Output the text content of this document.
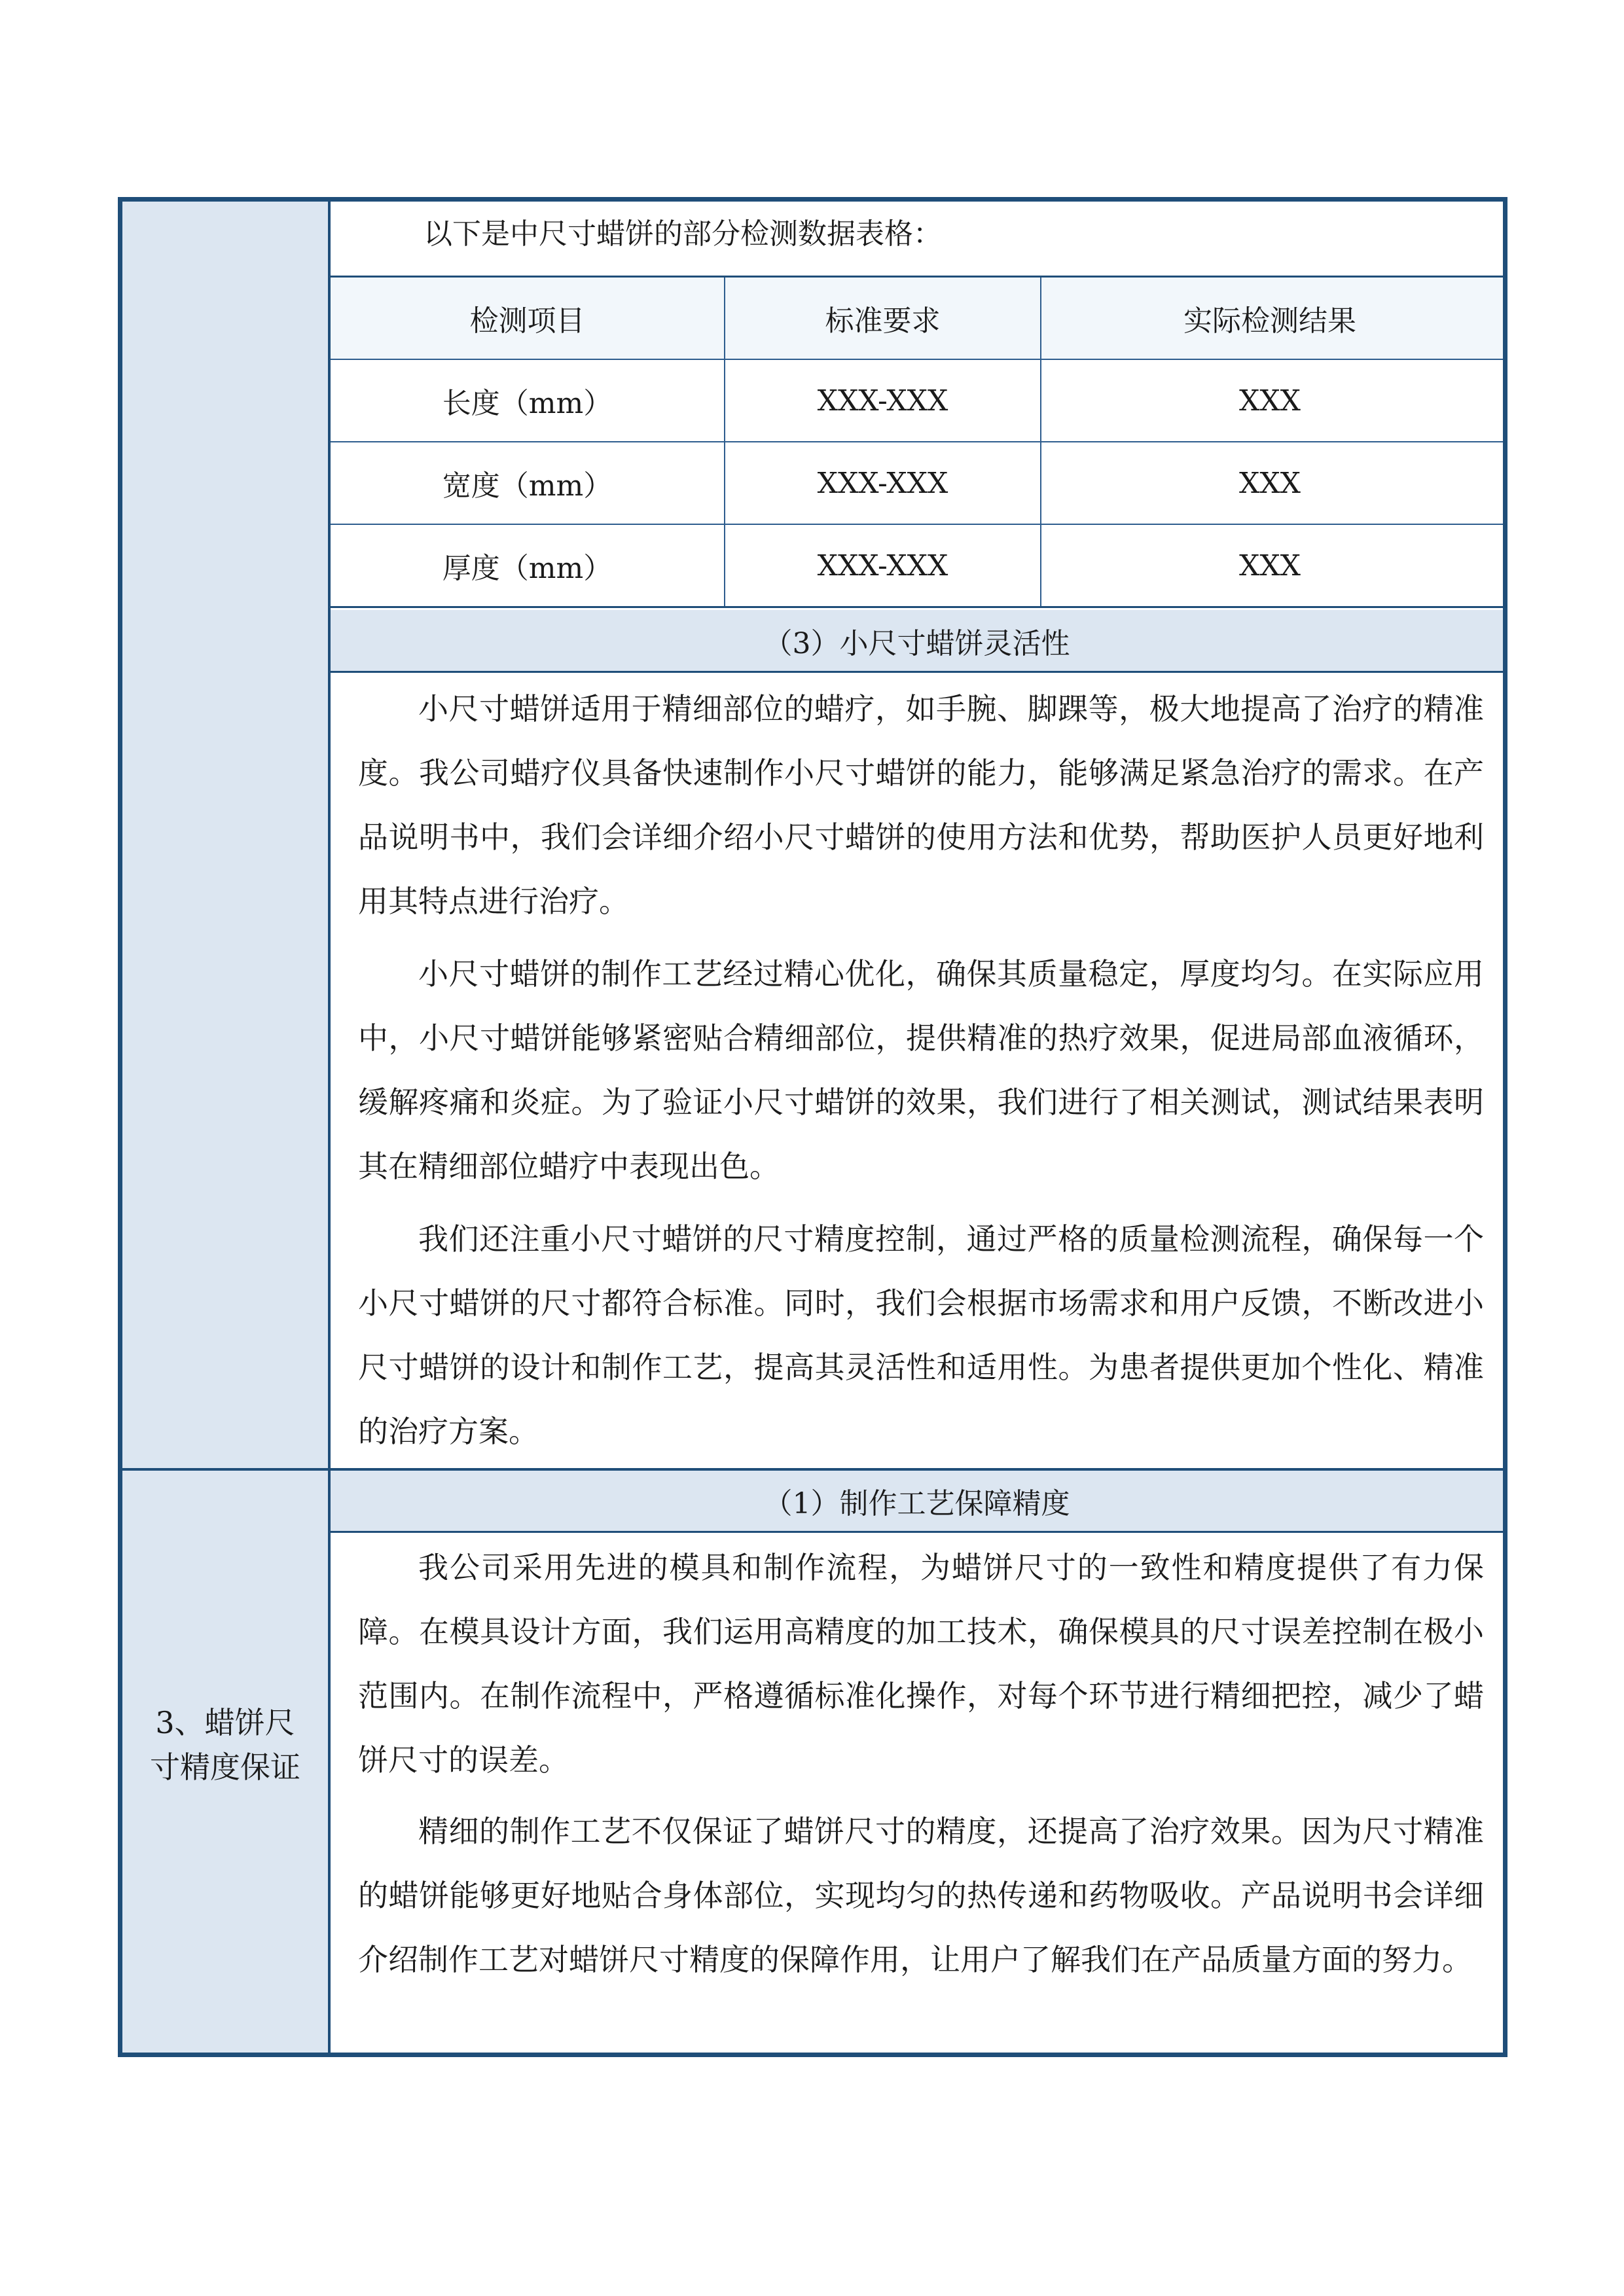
以下是中尺寸蜡饼的部分检测数据表格：
检测项目	标准要求	实际检测结果
长度（mm）	XXX-XXX	XXX
宽度（mm）	XXX-XXX	XXX
厚度（mm）	XXX-XXX	XXX
（3）小尺寸蜡饼灵活性
小尺寸蜡饼适用于精细部位的蜡疗，如手腕、脚踝等，极大地提高了治疗的精准度。我公司蜡疗仪具备快速制作小尺寸蜡饼的能力，能够满足紧急治疗的需求。在产品说明书中，我们会详细介绍小尺寸蜡饼的使用方法和优势，帮助医护人员更好地利用其特点进行治疗。
小尺寸蜡饼的制作工艺经过精心优化，确保其质量稳定，厚度均匀。在实际应用中，小尺寸蜡饼能够紧密贴合精细部位，提供精准的热疗效果，促进局部血液循环，缓解疼痛和炎症。为了验证小尺寸蜡饼的效果，我们进行了相关测试，测试结果表明其在精细部位蜡疗中表现出色。
我们还注重小尺寸蜡饼的尺寸精度控制，通过严格的质量检测流程，确保每一个小尺寸蜡饼的尺寸都符合标准。同时，我们会根据市场需求和用户反馈，不断改进小尺寸蜡饼的设计和制作工艺，提高其灵活性和适用性。为患者提供更加个性化、精准的治疗方案。
3、蜡饼尺寸精度保证
（1）制作工艺保障精度
我公司采用先进的模具和制作流程，为蜡饼尺寸的一致性和精度提供了有力保障。在模具设计方面，我们运用高精度的加工技术，确保模具的尺寸误差控制在极小范围内。在制作流程中，严格遵循标准化操作，对每个环节进行精细把控，减少了蜡饼尺寸的误差。
精细的制作工艺不仅保证了蜡饼尺寸的精度，还提高了治疗效果。因为尺寸精准的蜡饼能够更好地贴合身体部位，实现均匀的热传递和药物吸收。产品说明书会详细介绍制作工艺对蜡饼尺寸精度的保障作用，让用户了解我们在产品质量方面的努力。
